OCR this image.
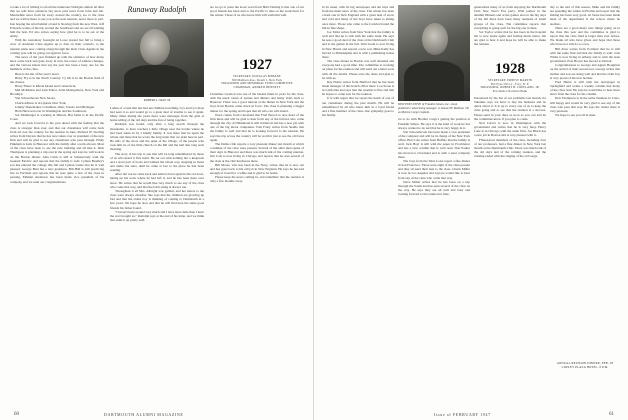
to take a lot of ribbing too from the numerous Wabigats almost all after this we will have whatever big snow plus news from John and Jeb. Meanwhile news from far away around the country. Go to the class and we will be there to see you at the next reunion, never more to part. Just hoping the wind behind a band is blowing from the new West. Jeff Edwards writes of his trip around the Southwest and we are all wishing him the best. Ed also writes saying how glad he is to be out of the Army.

With his customary foresight Al Lowe started last fall to bring a crew of Assistant Class Agents up to date on their contacts, to the reunion plans now coming along through the mail. Class Agents in the coming year will be going out again in force.

The news of the year finished up with the statistics of how many have come back and gone away in turn, the roster of address changes, and the various letters that say the year has been a busy one for the members of the class.

Here is the list of the year's news:

Harry Fry is in the North Country. Cy Oh is in the Boston field of the classes.

Harry Fisher is Rhode Island and Connecticut.

Mel McMahon and Lem Talbot, Arlie Montgomery, New York and Brooklyn.

Van Schoonhoven New Jersey.

Chuck Allison is in Upstate New York.

Johnny Shewmaker, Columbus, Ohio, Toledo and Michigan.

Herb Harwood over in Washington and the Southwest.

Sol Weinberger is working in Illinois, Hal Sams is in the Pacific Coast.

And we look forward to the year ahead with the feeling that the class is stronger than ever, and that our classmates will come back from all over the country for the reunion in June. Richard W. Sterling writes from Dayton that he has now taken over as president of the new firm and will be glad to see any classmates who pass through. Pinky Pinkham is back in Hanover with the family after a term abroad. Most of the class have been to see the new building and all like it. Dick Thompson is planning a trip east in the spring and says he will look in on the Boston dinner. John Clark is still at Schenectady with the General Electric and reports that the family is well. Lyman Bradley's son has entered the college this fall and Lyman writes that he is well pleased. George Bent has a new grandson. Bill Hall is still practicing law in Portland and reports that he sees quite a few of the class in passing. Emmett Anderson has been made vice president of his company and we send our congratulations.

Runaway Rudolph
ROBERT L. MAY '26

Ladies of a land that has had ten children travelling, Ly's and Ly's most had seen it so and would go to a great deal of trouble to see it again. Many times during the years there were messages from the girls at home telling of the old days and the fun of being together.

Rudolph was found, only after a long search through the mountains, to have reached a little village near the border where he had been taken in by a kindly family. It was there that he spent the winter and there that he wrote the long letter that we print here in part. He tells of the snow and the quiet of the village, of the people who took him in, of the little church on the hill and the bell that rang each morning.

The story of his trip is one that will be long remembered by those of us who heard it first hand. He set out with nothing but a knapsack and a stout pair of boots and walked the whole way, sleeping in barns and under the stars, until he came at last to the place he had been seeking.

After the war he came back and settled down again in the old town, taking up his work where he had left it, and he has been there ever since. He writes that he would like very much to see any of the class who come that way, and that the latch string is always out.

Throughout it all Mrs. Albright was gallant, and her letters to the class were always cheerful. She says that the children are growing up fast and that the oldest boy is thinking of coming to Dartmouth in a few years. We hope he does and that he will find here the same good friends his father found.

"I haven't been around very much and I have more time than I have the war brought us," Rudolph says at the end of his letter, and we think that sums it up pretty well.

As we go to press the loose word from Herb Darling is that one of our good friends has been sent to the Pacific to take on the work there for the winter. Those of us who know him will wish him well.

1927
SECRETARY, DOUGLAS MEBANE
300 Madison Ave., Room 1, New York
TREASURER AND MEMORIAL FUND COMMITTEE
CHAIRMAN, ANDREW BENNETT

Christmas vacation was one of the busiest times in years for the class, with the usual round of parties and dinners and many visits back to Hanover. There was a good turnout at the dinner in New York and the boys from Boston came down in force. The class is planning a bigger dinner for the spring and hopes that all who can will attend.

Word comes from Cleveland that Fred Brown is now head of the firm there and will be glad to hear from any of the fellows who come through the city. Al Hammond is still in Detroit and has a new job with one of the big motor companies. Tom Foley writes from Seattle that the family is well and that he is looking forward to the reunion. He says the trip across the country will be worth it just to see the old faces again.

The Dallas club reports a very pleasant dinner last month at which a number of the class were present. Several of the older men spoke of their days in Hanover and there was much talk of the coming reunion. Jim Cole is now living in Chicago and reports that he sees several of the class at the club luncheons there.

Bill Morse, who has been in the Navy, writes that he is now out and has gone back to his old job in New England. He says he has had enough of travel for a while and is glad to be home.

Please keep the news coming in, and remember that the reunion is only a few months away.

60	DARTMOUTH ALUMNI MAGAZINE

in its usual, with its big newspaper and ski trips and from the main news of the class. The winter has been a hard one in New England with a great deal of snow and cold and many of the boys have taken to skiing once more. Those who came to the Carnival found the hill in fine shape.

Joe Tobin writes from New York that the family is well and that he is still with the same bank. He says he sees a good deal of the class at the Dartmouth Club and at the games in the fall. Walt Grant is now living in New Haven and reports a new son. Mike Kelly has moved to Philadelphia and is with a publishing house there.

The class dinner in Boston was well attended and everyone had a good time. The committee is working on plans for the reunion and will send out a letter soon with all the details. Please save the dates and plan to be with us.

Ray Fisher writes from Hartford that he has been made manager of the branch office there. Lou Stone is in California and says that the weather is fine and that he hopes to come east for the reunion.

It is with regret that we report the death of one of our classmates during the past month. He will be remembered by all who knew him as a loyal friend and a fine member of the class. Our sympathy goes to his family.

NEW EXECUTIVE of Franklin Simon, Inc., book publishers' advertising manager, is Samuel H. Rodman '28, as Morton Cargo Captain.

lot to do with Brother Cargo's getting the position at Franklin Simon. He says it is the kind of work he has always wanted to do and that he is very happy in it.

Van Schoonhoven has been made a vice president of the company and will be in charge of the New York office. Bob Cole writes from Buffalo that the family is well. Jack Hoyt is still with the paper in Providence and has a new column that is well read. Don Parker has moved to Cleveland and is with a steel company there.

The boys from the West Coast report a fine dinner in San Francisco. There were eight of the class present and they all send their best to the class. Chuck Miller is now in Los Angeles and says he would like to hear from any of the class who come that way.

Steve Miller writes that he has been on a trip through the South and has seen several of the class on the way. He says they are all well and busy and looking forward to the reunion in June.

generations many of us from enjoying the Dartmouth Club New Year's Eve party. Wild parties in the Alumni Dinners and at the games and on the big days of the fall there have been many reunions of small groups of the class. The committee reports that everything is going well for the big one in June.

Sol Taylor writes that he has been in the hospital but is now home again and feeling much better. We are glad to hear it and hope he will be able to make the reunion.

1928
SECRETARY, ERNEST MARTIN
The Eyes Oil Co., Troy, N. Y.
TREASURER, ROBERT H. COPELAND, JR.
Providence National Bank

Introduced by the list of our problems last month, Ira Sikander says we have to buy the business and be quick about it. It is up to every one of us to keep the class going and to see that the reunion is a success. Please send in your dues as soon as you can and let the committee know if you plan to come.

Ned Carver is now in Washington with the government and writes that he is very busy. Harry Lane is in Chicago with the same firm. Joe Black has a new job in Boston and is very pleased with it.

Fifteen-four members of the class, including four of our professors, had a fine dinner in New York last month at the Dartmouth Club. There was much talk of the old days and of the coming reunion, and the evening ended with the singing of the old songs.

day to the end of this season. Mike and his family are spending the winter in Florida and report that the fishing has been very good. Al Stone has been made head of the department at the school where he teaches.

There are a good many new things going on in the class this year and the committee is glad to report that the class fund is larger than ever before. We thank all who have given and hope that those who have not will do so soon.

Bill Ross writes from Portland that he is still with the same firm and that the family is well. Jack White is now living in Albany and is with the state government. Pete Brown has moved to Detroit.

Congratulations to George and Agnes Boughton on the arrival of their second son. George writes that mother and son are doing well and that the older boy is very proud of his new brother.

Fred Harris is still with the newspaper in Springfield and writes a weekly column that many of the class read. He says he would like to hear more news from the class for his column.

Don Thompson is in the same business in Cairo, still happy and would be very glad to see any of the class who pass that way. He says the winter there is very pleasant.

We hope to see you all in June.

ANNUAL REUNION DINNER, FEB. 28
COPLEY PLAZA HOTEL, 6 P.M.
Issue of FEBRUARY 1947	61
